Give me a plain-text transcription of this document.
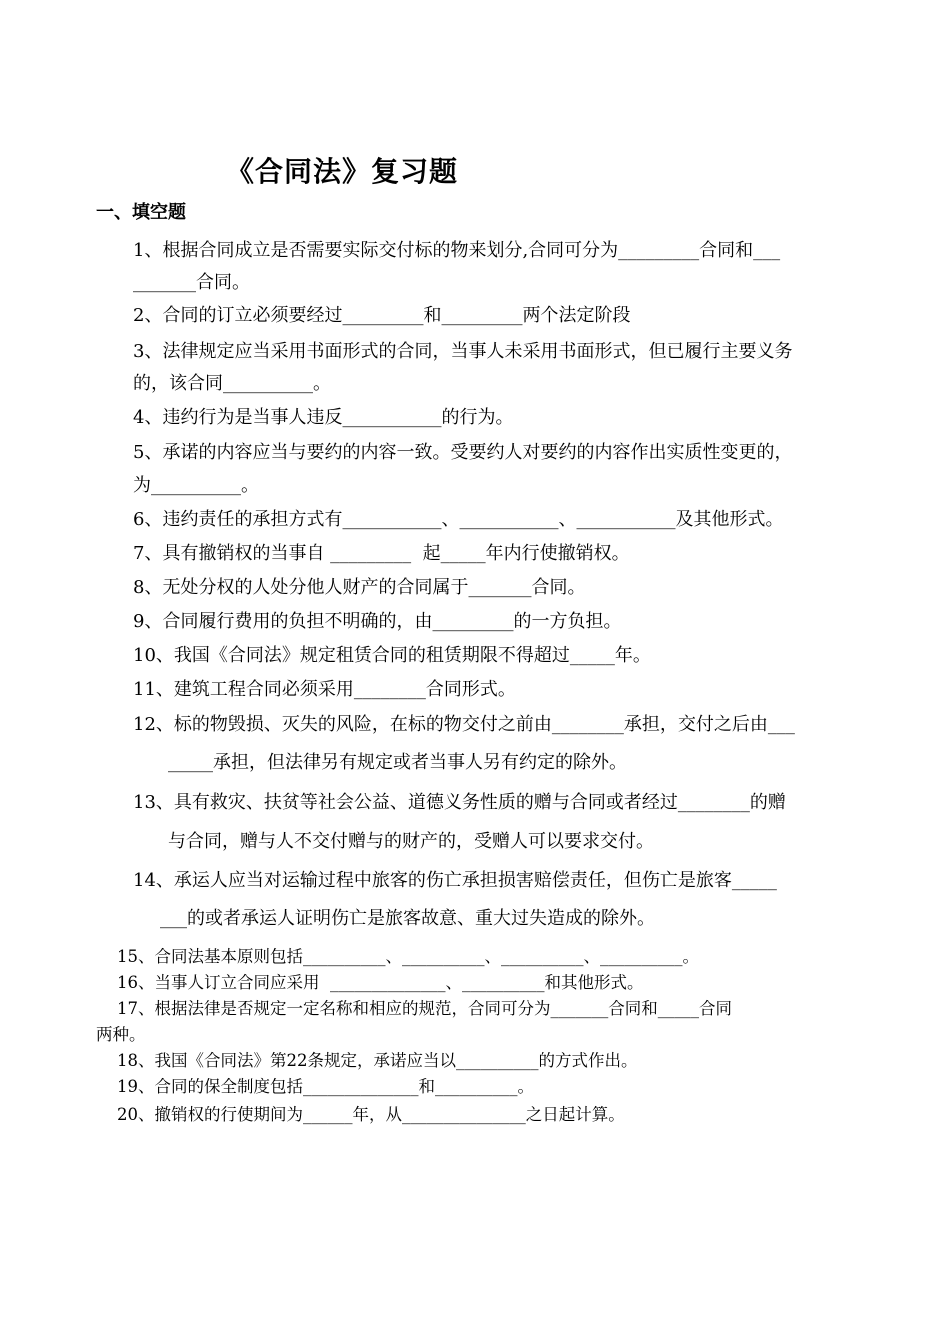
《合同法》复习题
一、填空题
1、根据合同成立是否需要实际交付标的物来划分,合同可分为_________合同和___
_______合同。
2、合同的订立必须要经过_________和_________两个法定阶段
3、法律规定应当采用书面形式的合同，当事人未采用书面形式，但已履行主要义务
的，该合同__________。
4、违约行为是当事人违反___________的行为。
5、承诺的内容应当与要约的内容一致。受要约人对要约的内容作出实质性变更的，
为__________。
6、违约责任的承担方式有___________、___________、___________及其他形式。
7、具有撤销权的当事自 _________  起_____年内行使撤销权。
8、无处分权的人处分他人财产的合同属于_______合同。
9、合同履行费用的负担不明确的，由_________的一方负担。
10、我国《合同法》规定租赁合同的租赁期限不得超过_____年。
11、建筑工程合同必须采用________合同形式。
12、标的物毁损、灭失的风险，在标的物交付之前由________承担，交付之后由___
_____承担，但法律另有规定或者当事人另有约定的除外。
13、具有救灾、扶贫等社会公益、道德义务性质的赠与合同或者经过________的赠
与合同，赠与人不交付赠与的财产的，受赠人可以要求交付。
14、承运人应当对运输过程中旅客的伤亡承担损害赔偿责任，但伤亡是旅客_____
___的或者承运人证明伤亡是旅客故意、重大过失造成的除外。
15、合同法基本原则包括__________、__________、__________、__________。
16、当事人订立合同应采用  ______________、__________和其他形式。
17、根据法律是否规定一定名称和相应的规范，合同可分为_______合同和_____合同
两种。
18、我国《合同法》第22条规定，承诺应当以__________的方式作出。
19、合同的保全制度包括______________和__________。
20、撤销权的行使期间为______年，从_______________之日起计算。
